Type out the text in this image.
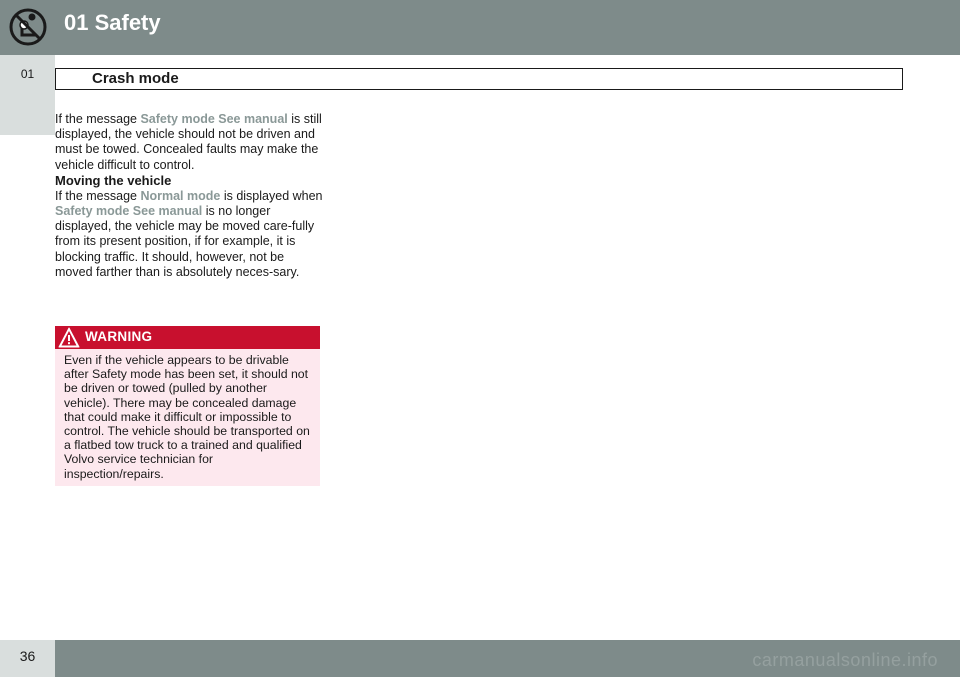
01 Safety
01	Crash mode

If the message Safety mode See manual is still displayed, the vehicle should not be driven and must be towed. Concealed faults may make the vehicle difficult to control.

Moving the vehicle

If the message Normal mode is displayed when Safety mode See manual is no longer displayed, the vehicle may be moved care-fully from its present position, if for example, it is blocking traffic. It should, however, not be moved farther than is absolutely neces-sary.

WARNING
Even if the vehicle appears to be drivable after Safety mode has been set, it should not be driven or towed (pulled by another vehicle). There may be concealed damage that could make it difficult or impossible to control. The vehicle should be transported on a flatbed tow truck to a trained and qualified Volvo service technician for inspection/repairs.
36	carmanualsonline.info
